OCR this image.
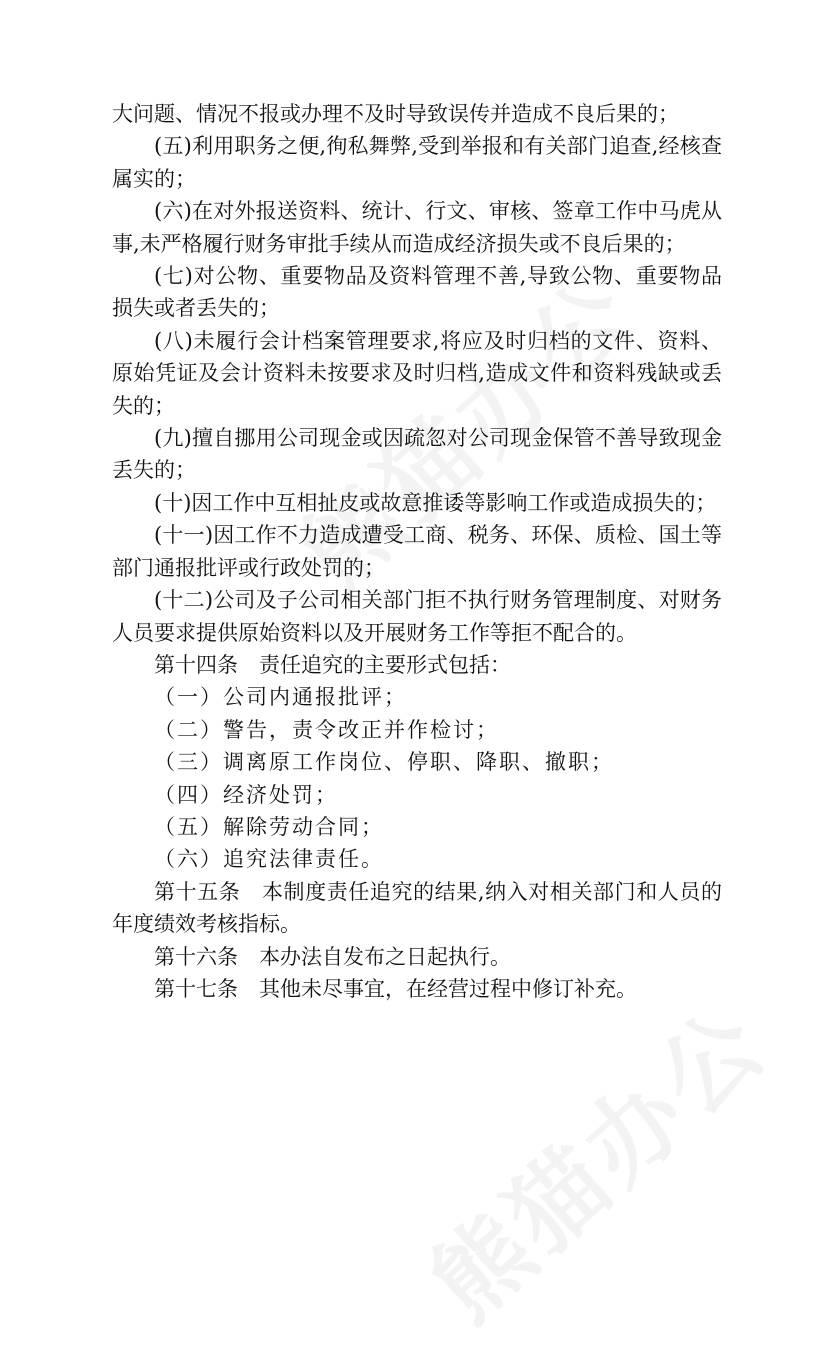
大问题、情况不报或办理不及时导致误传并造成不良后果的；

(五)利用职务之便,徇私舞弊,受到举报和有关部门追查,经核查属实的；

(六)在对外报送资料、统计、行文、审核、签章工作中马虎从事,未严格履行财务审批手续从而造成经济损失或不良后果的；

(七)对公物、重要物品及资料管理不善,导致公物、重要物品损失或者丢失的；

(八)未履行会计档案管理要求,将应及时归档的文件、资料、原始凭证及会计资料未按要求及时归档,造成文件和资料残缺或丢失的；

(九)擅自挪用公司现金或因疏忽对公司现金保管不善导致现金丢失的；

(十)因工作中互相扯皮或故意推诿等影响工作或造成损失的；

(十一)因工作不力造成遭受工商、税务、环保、质检、国土等部门通报批评或行政处罚的；

(十二)公司及子公司相关部门拒不执行财务管理制度、对财务人员要求提供原始资料以及开展财务工作等拒不配合的。

第十四条　责任追究的主要形式包括：

（一）公司内通报批评；

（二）警告，责令改正并作检讨；

（三）调离原工作岗位、停职、降职、撤职；

（四）经济处罚；

（五）解除劳动合同；

（六）追究法律责任。

第十五条　本制度责任追究的结果,纳入对相关部门和人员的年度绩效考核指标。

第十六条　本办法自发布之日起执行。

第十七条　其他未尽事宜，在经营过程中修订补充。
